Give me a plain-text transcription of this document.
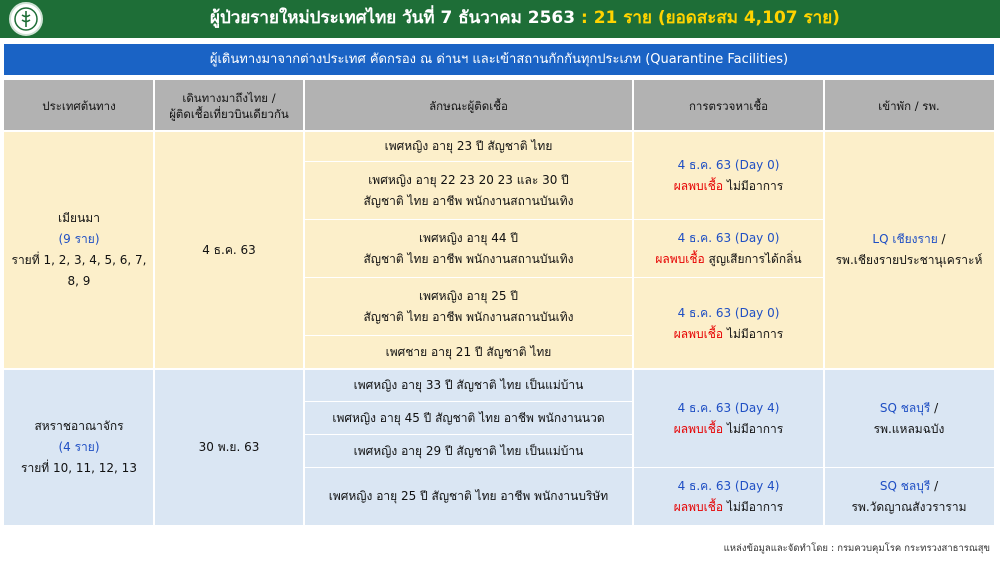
ผู้ป่วยรายใหม่ประเทศไทย วันที่ 7 ธันวาคม 2563 : 21 ราย (ยอดสะสม 4,107 ราย)
ผู้เดินทางมาจากต่างประเทศ คัดกรอง ณ ด่านฯ และเข้าสถานกักกันทุกประเภท (Quarantine Facilities)
ประเทศต้นทาง
เดินทางมาถึงไทย /
ผู้ติดเชื้อเที่ยวบินเดียวกัน
ลักษณะผู้ติดเชื้อ	การตรวจหาเชื้อ	เข้าพัก / รพ.
เมียนมา
(9 ราย)
รายที่ 1, 2, 3, 4, 5, 6, 7,
8, 9
4 ธ.ค. 63
เพศหญิง อายุ 23 ปี สัญชาติ ไทย
เพศหญิง อายุ 22 23 20 23 และ 30 ปี
สัญชาติ ไทย อาชีพ พนักงานสถานบันเทิง
เพศหญิง อายุ 44 ปี
สัญชาติ ไทย อาชีพ พนักงานสถานบันเทิง
เพศหญิง อายุ 25 ปี
สัญชาติ ไทย อาชีพ พนักงานสถานบันเทิง
เพศชาย อายุ 21 ปี สัญชาติ ไทย
4 ธ.ค. 63 (Day 0)
ผลพบเชื้อ ไม่มีอาการ
4 ธ.ค. 63 (Day 0)
ผลพบเชื้อ สูญเสียการได้กลิ่น
4 ธ.ค. 63 (Day 0)
ผลพบเชื้อ ไม่มีอาการ
LQ เชียงราย /
รพ.เชียงรายประชานุเคราะห์
สหราชอาณาจักร
(4 ราย)
รายที่ 10, 11, 12, 13
30 พ.ย. 63
เพศหญิง อายุ 33 ปี สัญชาติ ไทย เป็นแม่บ้าน
เพศหญิง อายุ 45 ปี สัญชาติ ไทย อาชีพ พนักงานนวด
เพศหญิง อายุ 29 ปี สัญชาติ ไทย เป็นแม่บ้าน
เพศหญิง อายุ 25 ปี สัญชาติ ไทย อาชีพ พนักงานบริษัท
4 ธ.ค. 63 (Day 4)
ผลพบเชื้อ ไม่มีอาการ
4 ธ.ค. 63 (Day 4)
ผลพบเชื้อ ไม่มีอาการ
SQ ชลบุรี /
รพ.แหลมฉบัง
SQ ชลบุรี /
รพ.วัดญาณสังวราราม
แหล่งข้อมูลและจัดทำโดย : กรมควบคุมโรค กระทรวงสาธารณสุข
